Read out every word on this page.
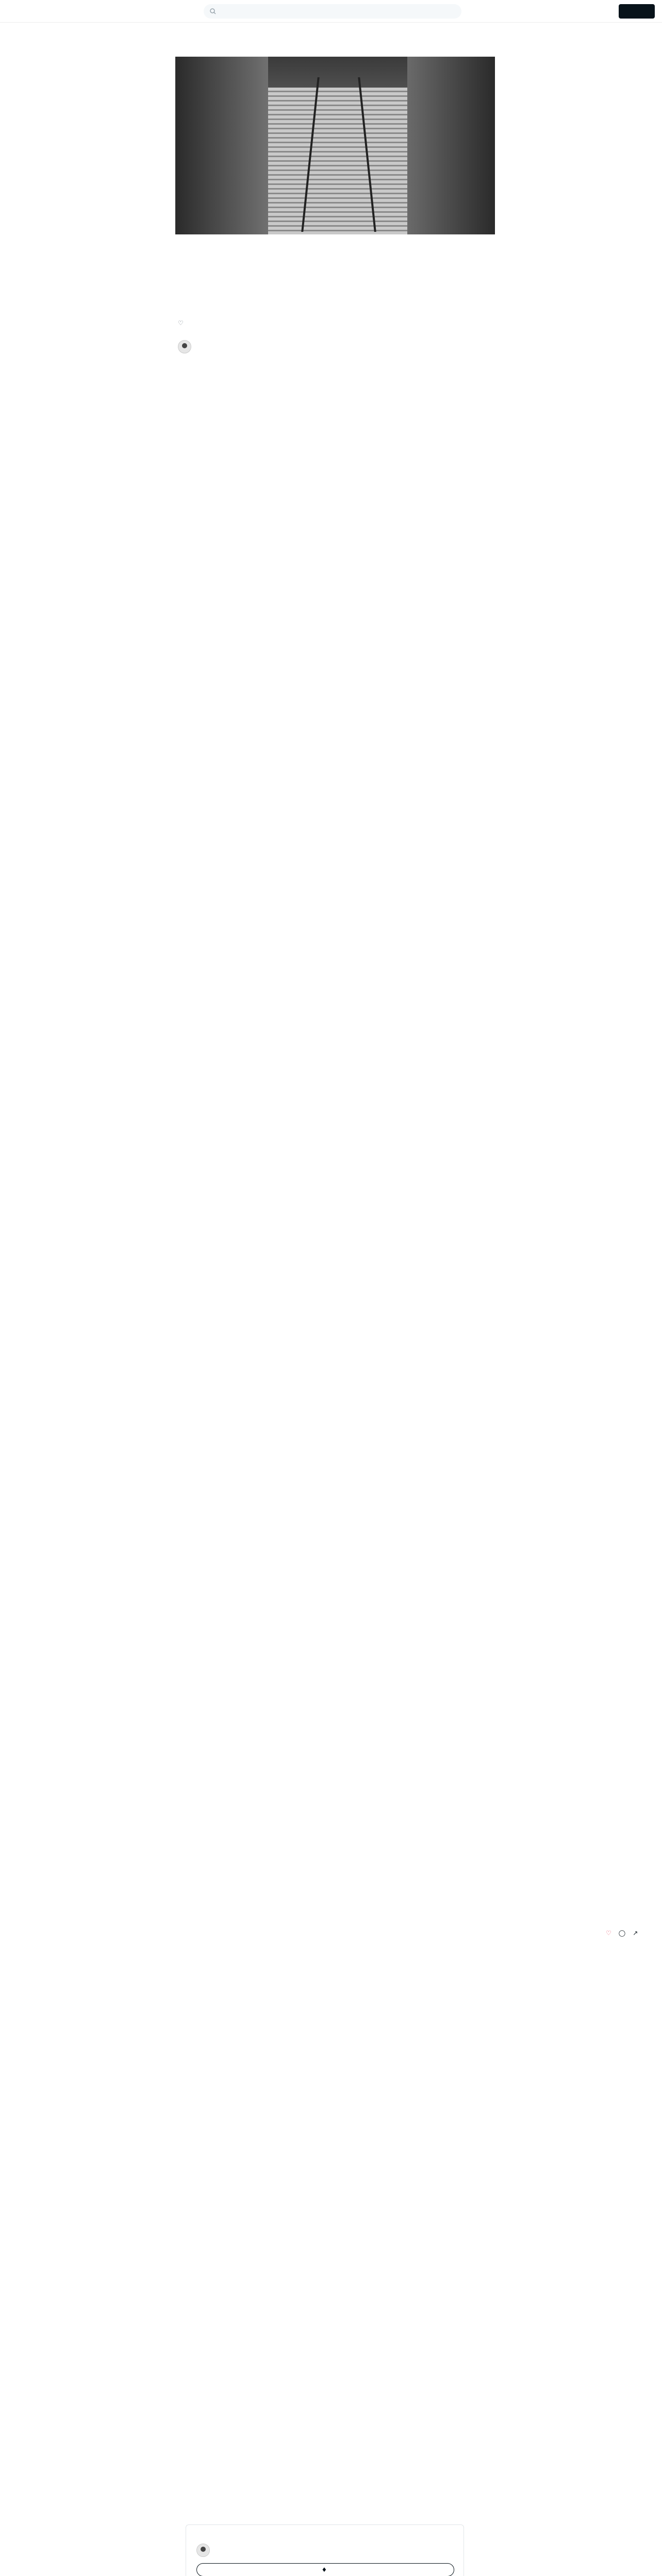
♡
♡ ◯ ↗
♦
